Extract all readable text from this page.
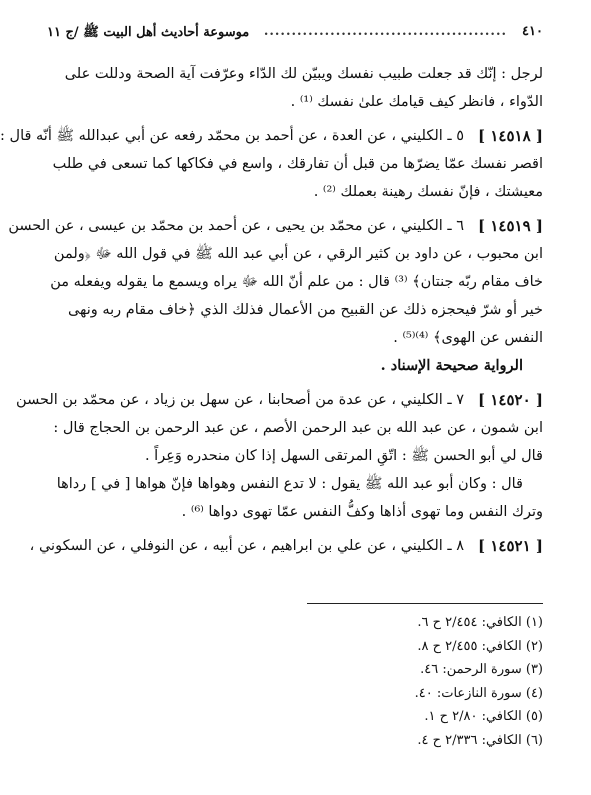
٤١٠
............................................
موسوعة أحاديث أهل البيت ﷺ /ج ١١
لرجل : إنّك قد جعلت طبيب نفسك ويبيّن لك الدّاء وعرّفت آية الصحة ودللت على
الدّواء ، فانظر كيف قيامك علىٰ نفسك ⁽¹⁾ .
[ ١٤٥١٨ ]
٥ ـ الكليني ، عن العدة ، عن أحمد بن محمّد رفعه عن أبي عبدالله ﷺ أنّه قال :
اقصر نفسك عمّا يضرّها من قبل أن تفارقك ، واسع في فكاكها كما تسعى في طلب
معيشتك ، فإنّ نفسك رهينة بعملك ⁽²⁾ .
[ ١٤٥١٩ ]
٦ ـ الكليني ، عن محمّد بن يحيى ، عن أحمد بن محمّد بن عيسى ، عن الحسن
ابن محبوب ، عن داود بن كثير الرقي ، عن أبي عبد الله ﷺ في قول الله ﷻ ﴿ولمن
خاف مقام ربّه جنتان﴾ ⁽³⁾ قال : من علم أنّ الله ﷻ يراه ويسمع ما يقوله ويفعله من
خير أو شرّ فيحجزه ذلك عن القبيح من الأعمال فذلك الذي ﴿خاف مقام ربه ونهى
النفس عن الهوى﴾ ⁽⁴⁾⁽⁵⁾ .
الرواية صحيحة الإسناد .
[ ١٤٥٢٠ ]
٧ ـ الكليني ، عن عدة من أصحابنا ، عن سهل بن زياد ، عن محمّد بن الحسن
ابن شمون ، عن عبد الله بن عبد الرحمن الأصم ، عن عبد الرحمن بن الحجاج قال :
قال لي أبو الحسن ﷺ : اتّقِ المرتقى السهل إذا كان منحدره وَعِراً .
قال : وكان أبو عبد الله ﷺ يقول : لا تدع النفس وهواها فإنّ هواها [ في ] رداها
وترك النفس وما تهوى أذاها وكفُّ النفس عمّا تهوى دواها ⁽⁶⁾ .
[ ١٤٥٢١ ]
٨ ـ الكليني ، عن علي بن ابراهيم ، عن أبيه ، عن النوفلي ، عن السكوني ،
(١) الكافي: ٢/٤٥٤ ح ٦.
(٢) الكافي: ٢/٤٥٥ ح ٨.
(٣) سورة الرحمن: ٤٦.
(٤) سورة النازعات: ٤٠.
(٥) الكافي: ٢/٨٠ ح ١.
(٦) الكافي: ٢/٣٣٦ ح ٤.
